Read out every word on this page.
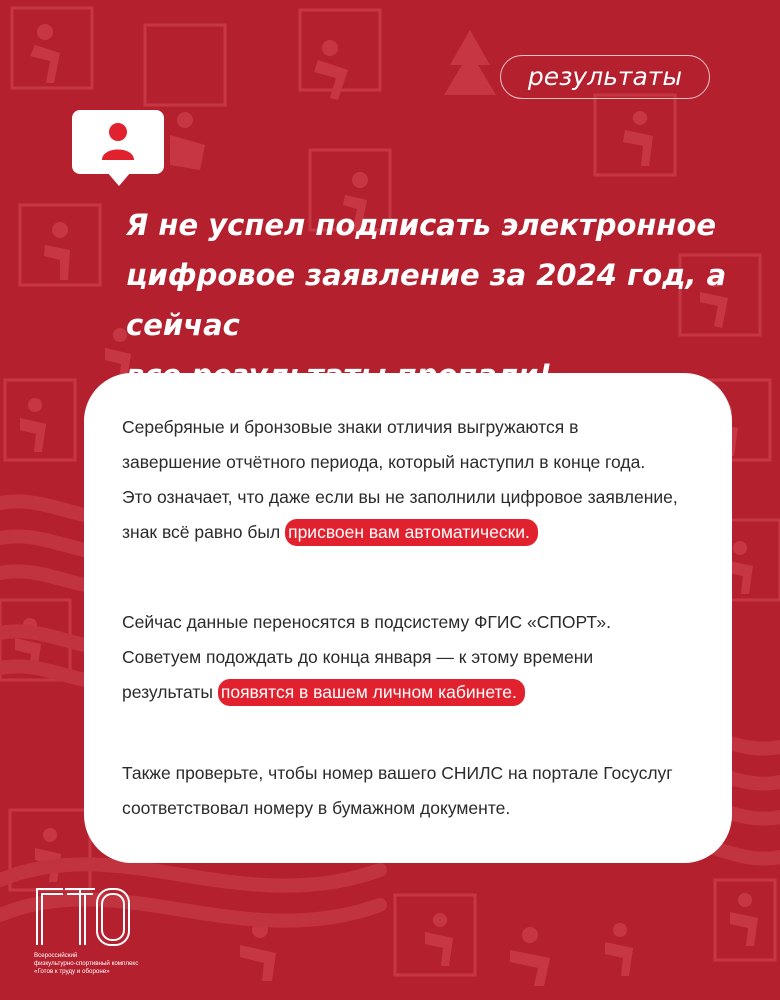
результаты
Я не успел подписать электронное
цифровое заявление за 2024 год, а сейчас

Серебряные и бронзовые знаки отличия выгружаются в
завершение отчётного периода, который наступил в конце года.
Это означает, что даже если вы не заполнили цифровое заявление,
знак всё равно был присвоен вам автоматически.

Сейчас данные переносятся в подсистему ФГИС «СПОРТ».
Советуем подождать до конца января — к этому времени
результаты появятся в вашем личном кабинете.

Также проверьте, чтобы номер вашего СНИЛС на портале Госуслуг
соответствовал номеру в бумажном документе.

Всероссийский
физкультурно-спортивный комплекс
«Готов к труду и обороне»
